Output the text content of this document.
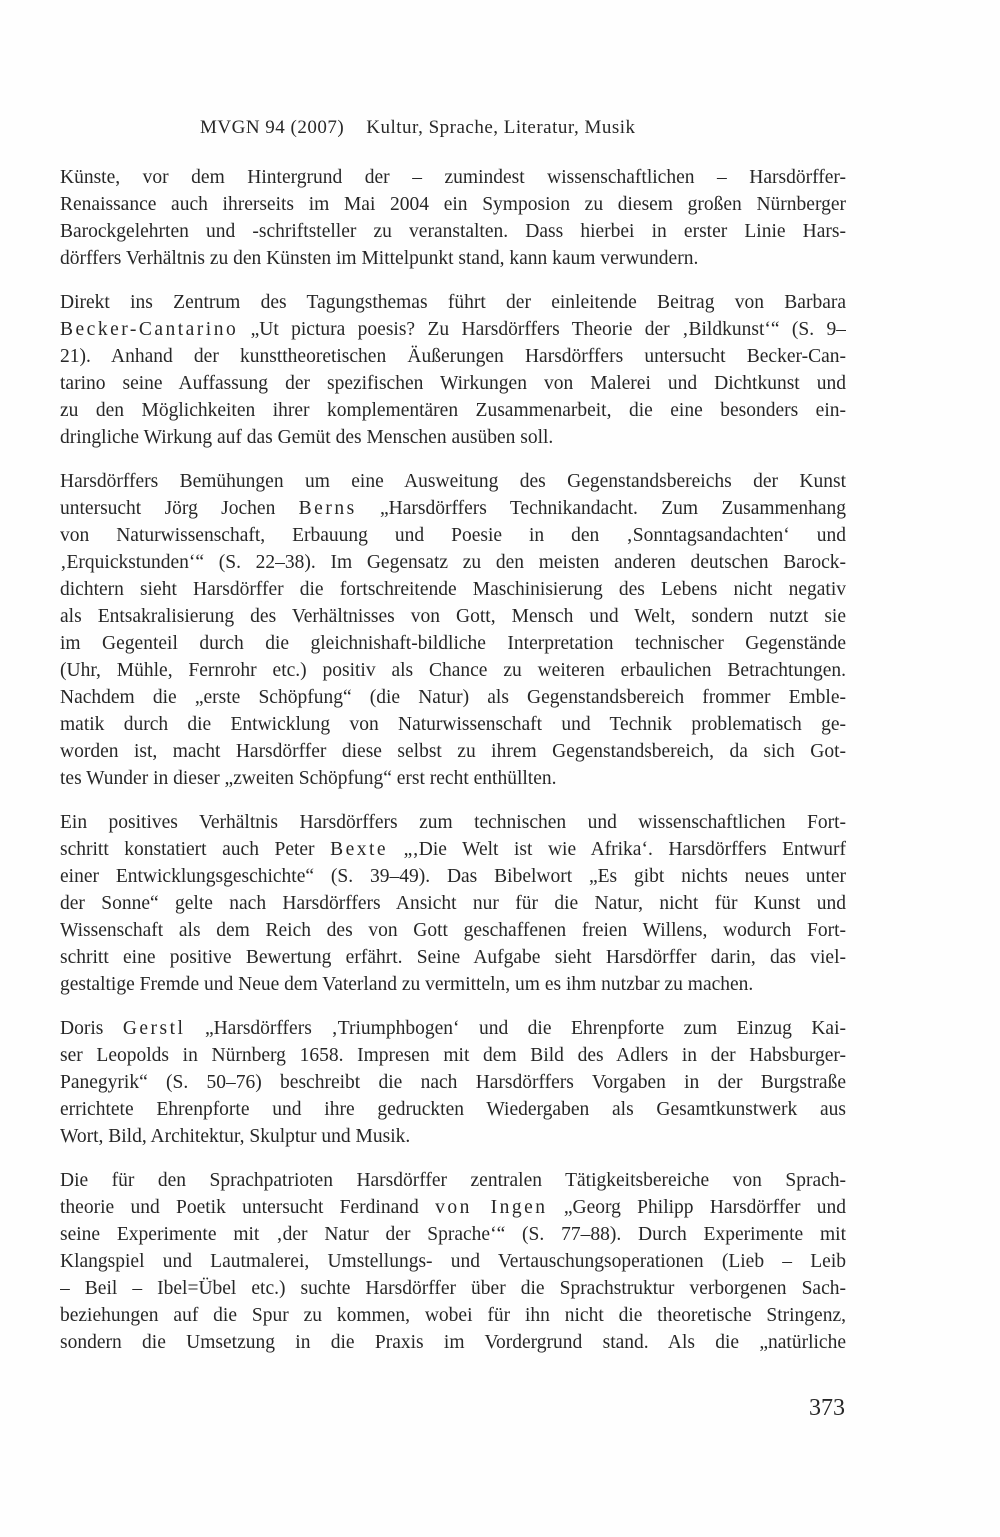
MVGN 94 (2007) Kultur, Sprache, Literatur, Musik
Künste, vor dem Hintergrund der – zumindest wissenschaftlichen – Harsdörffer-
Renaissance auch ihrerseits im Mai 2004 ein Symposion zu diesem großen Nürnberger
Barockgelehrten und -schriftsteller zu veranstalten. Dass hierbei in erster Linie Hars-
dörffers Verhältnis zu den Künsten im Mittelpunkt stand, kann kaum verwundern.
Direkt ins Zentrum des Tagungsthemas führt der einleitende Beitrag von Barbara
Becker-Cantarino „Ut pictura poesis? Zu Harsdörffers Theorie der ‚Bildkunst‘“ (S. 9–
21). Anhand der kunsttheoretischen Äußerungen Harsdörffers untersucht Becker-Can-
tarino seine Auffassung der spezifischen Wirkungen von Malerei und Dichtkunst und
zu den Möglichkeiten ihrer komplementären Zusammenarbeit, die eine besonders ein-
dringliche Wirkung auf das Gemüt des Menschen ausüben soll.
Harsdörffers Bemühungen um eine Ausweitung des Gegenstandsbereichs der Kunst
untersucht Jörg Jochen Berns „Harsdörffers Technikandacht. Zum Zusammenhang
von Naturwissenschaft, Erbauung und Poesie in den ‚Sonntagsandachten‘ und
‚Erquickstunden‘“ (S. 22–38). Im Gegensatz zu den meisten anderen deutschen Barock-
dichtern sieht Harsdörffer die fortschreitende Maschinisierung des Lebens nicht negativ
als Entsakralisierung des Verhältnisses von Gott, Mensch und Welt, sondern nutzt sie
im Gegenteil durch die gleichnishaft-bildliche Interpretation technischer Gegenstände
(Uhr, Mühle, Fernrohr etc.) positiv als Chance zu weiteren erbaulichen Betrachtungen.
Nachdem die „erste Schöpfung“ (die Natur) als Gegenstandsbereich frommer Emble-
matik durch die Entwicklung von Naturwissenschaft und Technik problematisch ge-
worden ist, macht Harsdörffer diese selbst zu ihrem Gegenstandsbereich, da sich Got-
tes Wunder in dieser „zweiten Schöpfung“ erst recht enthüllten.
Ein positives Verhältnis Harsdörffers zum technischen und wissenschaftlichen Fort-
schritt konstatiert auch Peter Bexte „‚Die Welt ist wie Afrika‘. Harsdörffers Entwurf
einer Entwicklungsgeschichte“ (S. 39–49). Das Bibelwort „Es gibt nichts neues unter
der Sonne“ gelte nach Harsdörffers Ansicht nur für die Natur, nicht für Kunst und
Wissenschaft als dem Reich des von Gott geschaffenen freien Willens, wodurch Fort-
schritt eine positive Bewertung erfährt. Seine Aufgabe sieht Harsdörffer darin, das viel-
gestaltige Fremde und Neue dem Vaterland zu vermitteln, um es ihm nutzbar zu machen.
Doris Gerstl „Harsdörffers ‚Triumphbogen‘ und die Ehrenpforte zum Einzug Kai-
ser Leopolds in Nürnberg 1658. Impresen mit dem Bild des Adlers in der Habsburger-
Panegyrik“ (S. 50–76) beschreibt die nach Harsdörffers Vorgaben in der Burgstraße
errichtete Ehrenpforte und ihre gedruckten Wiedergaben als Gesamtkunstwerk aus
Wort, Bild, Architektur, Skulptur und Musik.
Die für den Sprachpatrioten Harsdörffer zentralen Tätigkeitsbereiche von Sprach-
theorie und Poetik untersucht Ferdinand von Ingen „Georg Philipp Harsdörffer und
seine Experimente mit ‚der Natur der Sprache‘“ (S. 77–88). Durch Experimente mit
Klangspiel und Lautmalerei, Umstellungs- und Vertauschungsoperationen (Lieb – Leib
– Beil – Ibel=Übel etc.) suchte Harsdörffer über die Sprachstruktur verborgenen Sach-
beziehungen auf die Spur zu kommen, wobei für ihn nicht die theoretische Stringenz,
sondern die Umsetzung in die Praxis im Vordergrund stand. Als die „natürliche
373
